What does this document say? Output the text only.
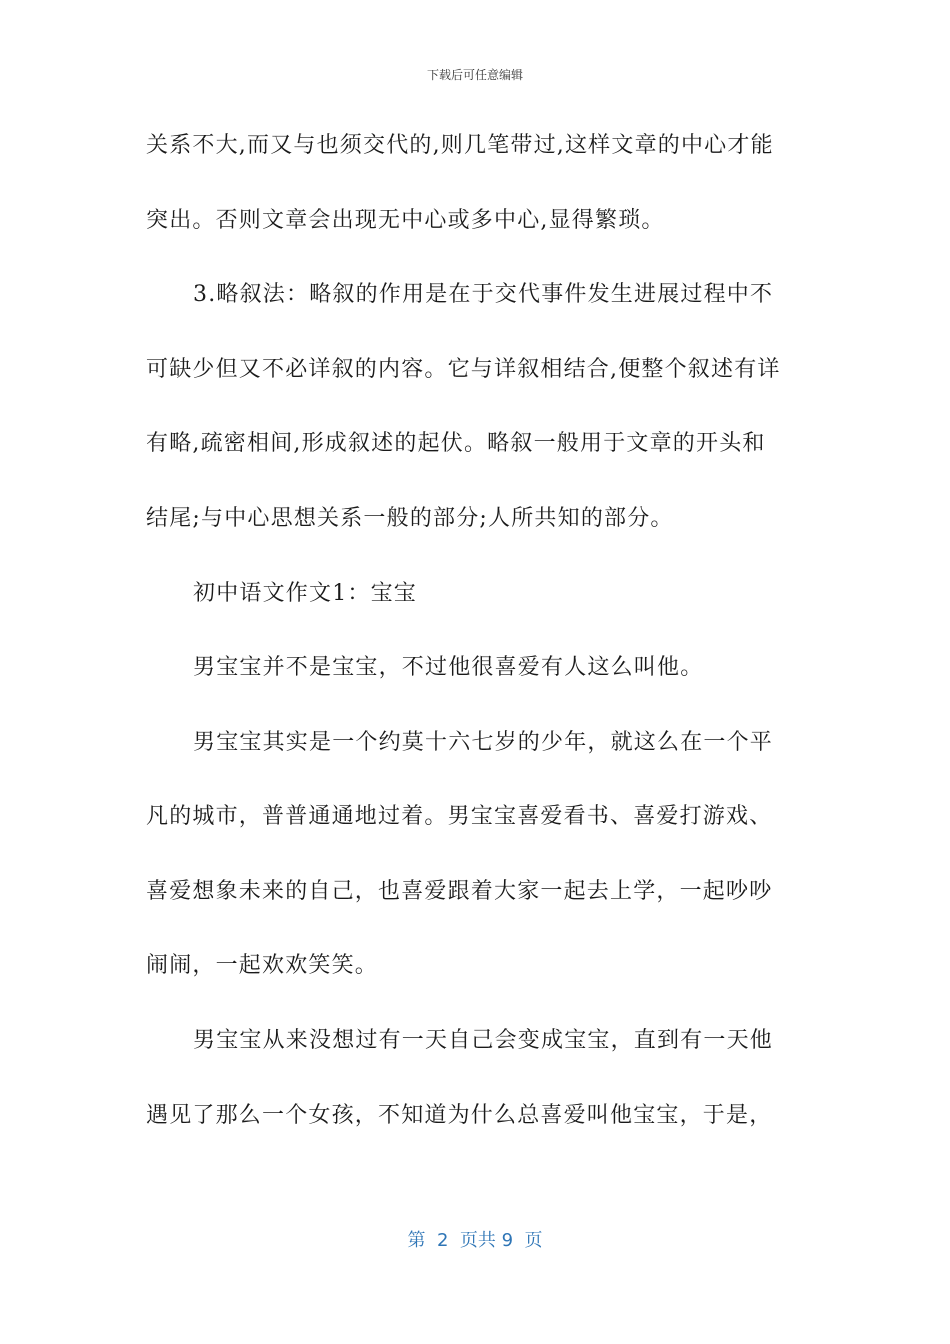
下载后可任意编辑
关系不大,而又与也须交代的,则几笔带过,这样文章的中心才能
突出。否则文章会出现无中心或多中心,显得繁琐。
3.略叙法：略叙的作用是在于交代事件发生进展过程中不
可缺少但又不必详叙的内容。它与详叙相结合,便整个叙述有详
有略,疏密相间,形成叙述的起伏。略叙一般用于文章的开头和
结尾;与中心思想关系一般的部分;人所共知的部分。
初中语文作文1：宝宝
男宝宝并不是宝宝，不过他很喜爱有人这么叫他。
男宝宝其实是一个约莫十六七岁的少年，就这么在一个平
凡的城市，普普通通地过着。男宝宝喜爱看书、喜爱打游戏、
喜爱想象未来的自己，也喜爱跟着大家一起去上学，一起吵吵
闹闹，一起欢欢笑笑。
男宝宝从来没想过有一天自己会变成宝宝，直到有一天他
遇见了那么一个女孩，不知道为什么总喜爱叫他宝宝，于是，
第  2  页共 9  页
